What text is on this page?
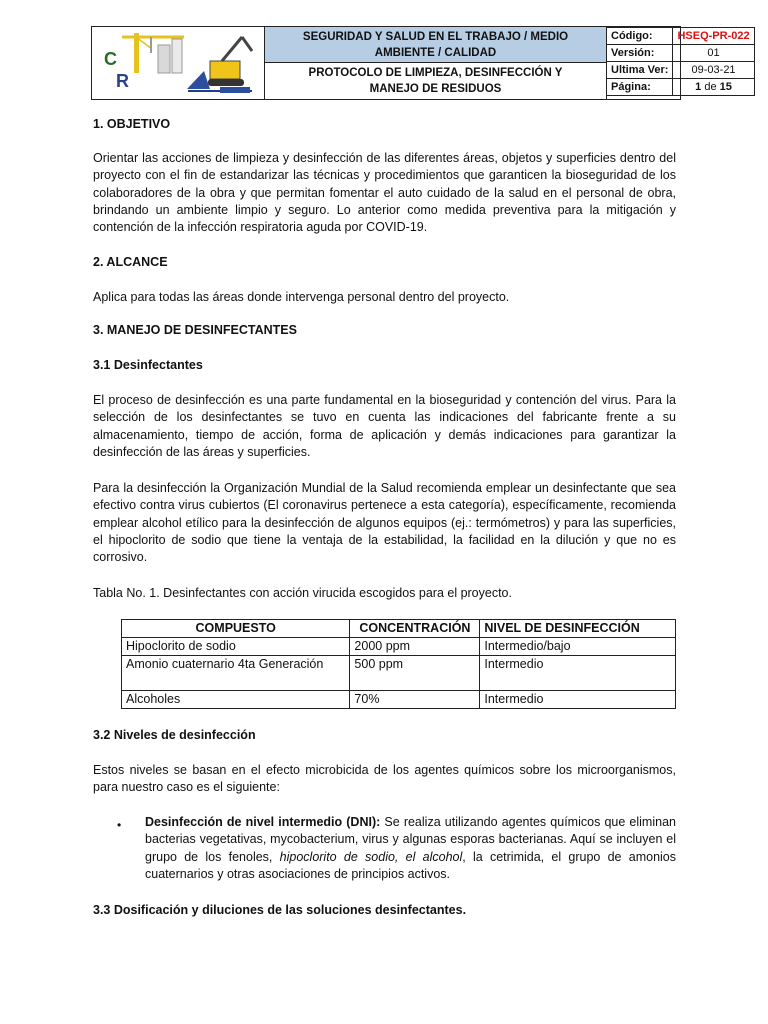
C
R
SEGURIDAD Y SALUD EN EL TRABAJO / MEDIO AMBIENTE / CALIDAD
PROTOCOLO DE LIMPIEZA, DESINFECCIÓN Y MANEJO DE RESIDUOS
Código:	HSEQ-PR-022
Versión:	01
Ultima Ver:	09-03-21
Página:	1 de 15
1. OBJETIVO
Orientar las acciones de limpieza y desinfección de las diferentes áreas, objetos y superficies dentro del proyecto con el fin de estandarizar las técnicas y procedimientos que garanticen la bioseguridad de los colaboradores de la obra y que permitan fomentar el auto cuidado de la salud en el personal de obra, brindando un ambiente limpio y seguro. Lo anterior como medida preventiva para la mitigación y contención de la infección respiratoria aguda por COVID-19.
2. ALCANCE
Aplica para todas las áreas donde intervenga personal dentro del proyecto.
3. MANEJO DE DESINFECTANTES
3.1 Desinfectantes
El proceso de desinfección es una parte fundamental en la bioseguridad y contención del virus. Para la selección de los desinfectantes se tuvo en cuenta las indicaciones del fabricante frente a su almacenamiento, tiempo de acción, forma de aplicación y demás indicaciones para garantizar la desinfección de las áreas y superficies.
Para la desinfección la Organización Mundial de la Salud recomienda emplear un desinfectante que sea efectivo contra virus cubiertos (El coronavirus pertenece a esta categoría), específicamente, recomienda emplear alcohol etílico para la desinfección de algunos equipos (ej.: termómetros) y para las superficies, el hipoclorito de sodio que tiene la ventaja de la estabilidad, la facilidad en la dilución y que no es corrosivo.
Tabla No. 1. Desinfectantes con acción virucida escogidos para el proyecto.
COMPUESTO	CONCENTRACIÓN	NIVEL DE DESINFECCIÓN
Hipoclorito de sodio	2000 ppm	Intermedio/bajo
Amonio cuaternario 4ta Generación	500 ppm	Intermedio
Alcoholes	70%	Intermedio
3.2 Niveles de desinfección
Estos niveles se basan en el efecto microbicida de los agentes químicos sobre los microorganismos, para nuestro caso es el siguiente:
• Desinfección de nivel intermedio (DNI): Se realiza utilizando agentes químicos que eliminan bacterias vegetativas, mycobacterium, virus y algunas esporas bacterianas. Aquí se incluyen el grupo de los fenoles, hipoclorito de sodio, el alcohol, la cetrimida, el grupo de amonios cuaternarios y otras asociaciones de principios activos.
3.3 Dosificación y diluciones de las soluciones desinfectantes.
